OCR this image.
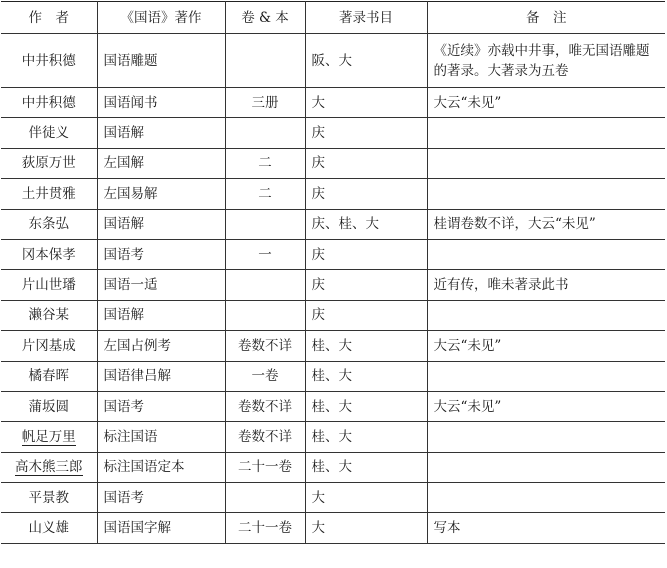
作　者	《国语》著作	卷 & 本	著录书目	备　注
中井积德	国语雕题		阪、大	《近续》亦载中井事，唯无国语雕题的著录。大著录为五卷
中井积德	国语闻书	三册	大	大云“未见”
伴徒义	国语解		庆	
荻原万世	左国解	二	庆	
土井贯雅	左国易解	二	庆	
东条弘	国语解		庆、桂、大	桂谓卷数不详，大云“未见”
冈本保孝	国语考	一	庆	
片山世璠	国语一适		庆	近有传，唯未著录此书
濑谷某	国语解		庆	
片冈基成	左国占例考	卷数不详	桂、大	大云“未见”
橘春晖	国语律吕解	一卷	桂、大	
蒲坂圆	国语考	卷数不详	桂、大	大云“未见”
帆足万里	标注国语	卷数不详	桂、大	
高木熊三郎	标注国语定本	二十一卷	桂、大	
平景教	国语考		大	
山义雄	国语国字解	二十一卷	大	写本
